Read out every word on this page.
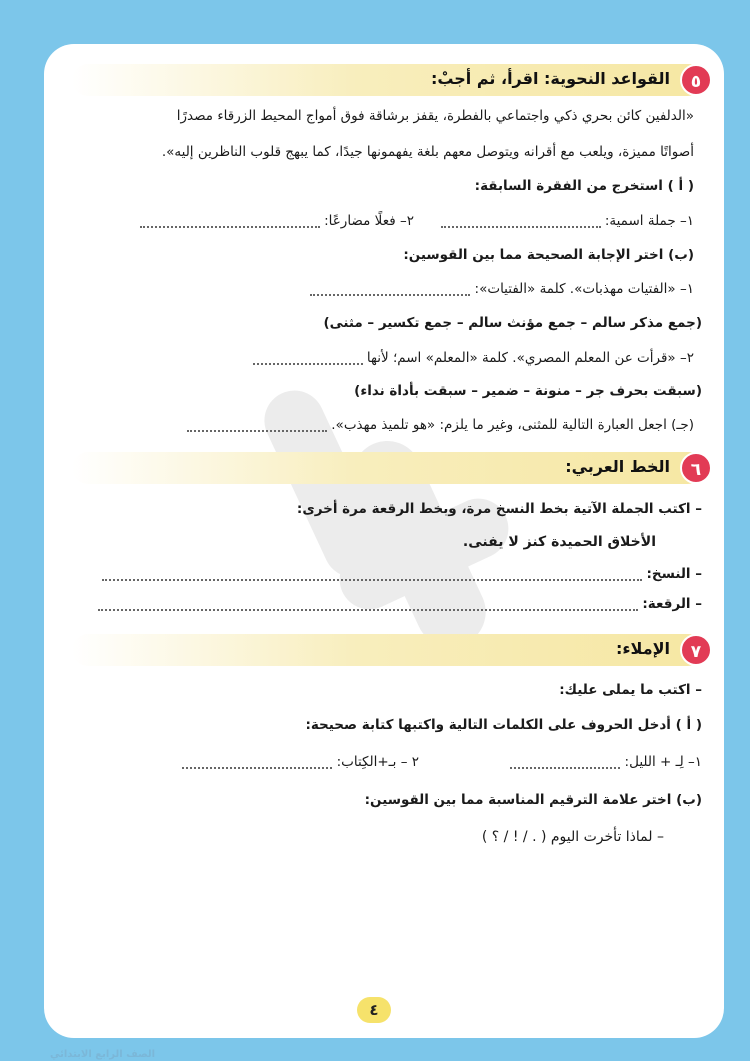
٥
القواعد النحوية: اقرأ، ثم أجبْ:
«الدلفين كائن بحري ذكي واجتماعي بالفطرة، يقفز برشاقة فوق أمواج المحيط الزرقاء مصدرًا
أصواتًا مميزة، ويلعب مع أقرانه ويتوصل معهم بلغة يفهمونها جيدًا، كما يبهج قلوب الناظرين إليه».
( أ ) استخرج من الفقرة السابقة:
١– جملة اسمية:
٢– فعلًا مضارعًا:
(ب) اختر الإجابة الصحيحة مما بين القوسين:
١– «الفتيات مهذبات». كلمة «الفتيات»:
(جمع مذكر سالم – جمع مؤنث سالم – جمع تكسير – مثنى)
٢– «قرأت عن المعلم المصري». كلمة «المعلم» اسم؛ لأنها
(سبقت بحرف جر – منونة – ضمير – سبقت بأداة نداء)
(جـ) اجعل العبارة التالية للمثنى، وغير ما يلزم: «هو تلميذ مهذب».
٦
الخط العربي:
– اكتب الجملة الآتية بخط النسخ مرة، وبخط الرقعة مرة أخرى:
الأخلاق الحميدة كنز لا يفنى.
– النسخ:
– الرقعة:
٧
الإملاء:
– اكتب ما يملى عليك:
( أ ) أدخل الحروف على الكلمات التالية واكتبها كتابة صحيحة:
١– لِـ + الليل:
٢ – بـ+الكِتاب:
(ب) اختر علامة الترقيم المناسبة مما بين القوسين:
– لماذا تأخرت اليوم ( . / ! / ؟ )
الصف الرابع الابتدائي
٤
